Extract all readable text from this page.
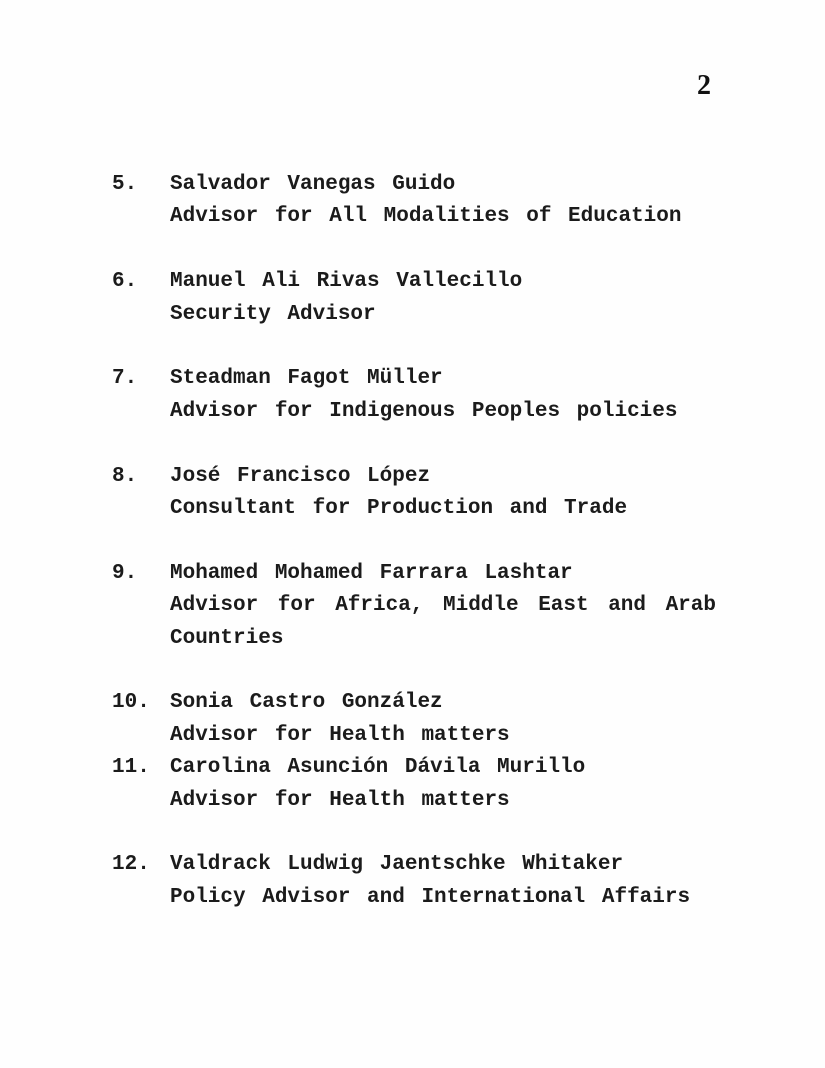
2
5.	Salvador Vanegas Guido
Advisor for All Modalities of Education
6.	Manuel Ali Rivas Vallecillo
Security Advisor
7.	Steadman Fagot Müller
Advisor for Indigenous Peoples policies
8.	José Francisco López
Consultant for Production and Trade
9.	Mohamed Mohamed Farrara Lashtar
Advisor for Africa, Middle East and Arab Countries
10. Sonia Castro González
Advisor for Health matters
11. Carolina Asunción Dávila Murillo
Advisor for Health matters
12. Valdrack Ludwig Jaentschke Whitaker
Policy Advisor and International Affairs
